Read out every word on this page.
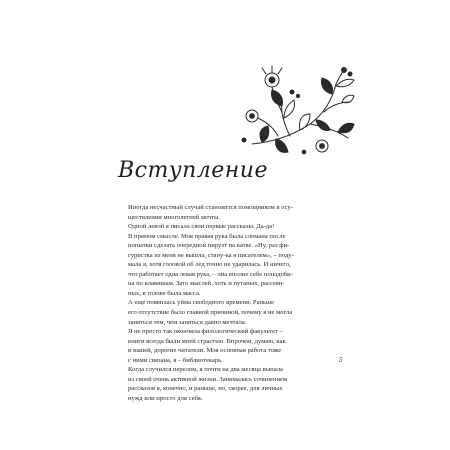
Вступление

Иногда несчастный случай становится помощником в осу-
ществлении многолетней мечты.

Одной левой я писала свои первые рассказы. Да-да!
В прямом смысле. Моя правая рука была сломана после
попытки сделать очередной пируэт на катке. «Ну, раз фи-
гуристка из меня не вышла, стану-ка я писателем», – поду-
мала я, хотя головой об лед точно не ударилась. И ничего,
что работает одна левая рука, – она вполне себе понадоби-
на по клавишам. Зато мыслей, хоть и путаных, рассеян-
ных, в голове была масса.

А еще появилась уйма свободного времени. Раньше
его отсутствие было главной причиной, почему я не могла
заняться тем, чем заняться давно мечтала.

Я не просто так окончила филологический факультет –
книги всегда были моей страстью. Впрочем, думаю, как
и вашей, дорогие читатели. Моя основная работа тоже
с ними связана, я – библиотекарь.

Когда случился перелом, я почти на два месяца выпала
из своей очень активной жизни. Занималась сочинением
рассказов я, конечно, и раньше, но, скорее, для личных
нужд или просто для себя.

5
